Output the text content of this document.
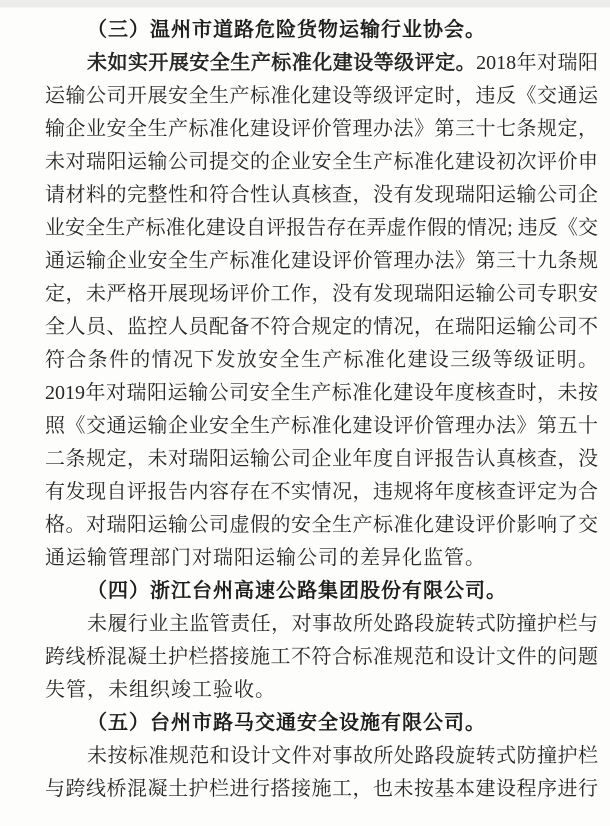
（三）温州市道路危险货物运输行业协会。
未如实开展安全生产标准化建设等级评定。2018年对瑞阳
运输公司开展安全生产标准化建设等级评定时，违反《交通运
输企业安全生产标准化建设评价管理办法》第三十七条规定，
未对瑞阳运输公司提交的企业安全生产标准化建设初次评价申
请材料的完整性和符合性认真核查，没有发现瑞阳运输公司企
业安全生产标准化建设自评报告存在弄虚作假的情况; 违反《交
通运输企业安全生产标准化建设评价管理办法》第三十九条规
定，未严格开展现场评价工作，没有发现瑞阳运输公司专职安
全人员、监控人员配备不符合规定的情况，在瑞阳运输公司不
符合条件的情况下发放安全生产标准化建设三级等级证明。
2019年对瑞阳运输公司安全生产标准化建设年度核查时，未按
照《交通运输企业安全生产标准化建设评价管理办法》第五十
二条规定，未对瑞阳运输公司企业年度自评报告认真核查，没
有发现自评报告内容存在不实情况，违规将年度核查评定为合
格。对瑞阳运输公司虚假的安全生产标准化建设评价影响了交
通运输管理部门对瑞阳运输公司的差异化监管。
（四）浙江台州高速公路集团股份有限公司。
未履行业主监管责任，对事故所处路段旋转式防撞护栏与
跨线桥混凝土护栏搭接施工不符合标准规范和设计文件的问题
失管，未组织竣工验收。
（五）台州市路马交通安全设施有限公司。
未按标准规范和设计文件对事故所处路段旋转式防撞护栏
与跨线桥混凝土护栏进行搭接施工，也未按基本建设程序进行
